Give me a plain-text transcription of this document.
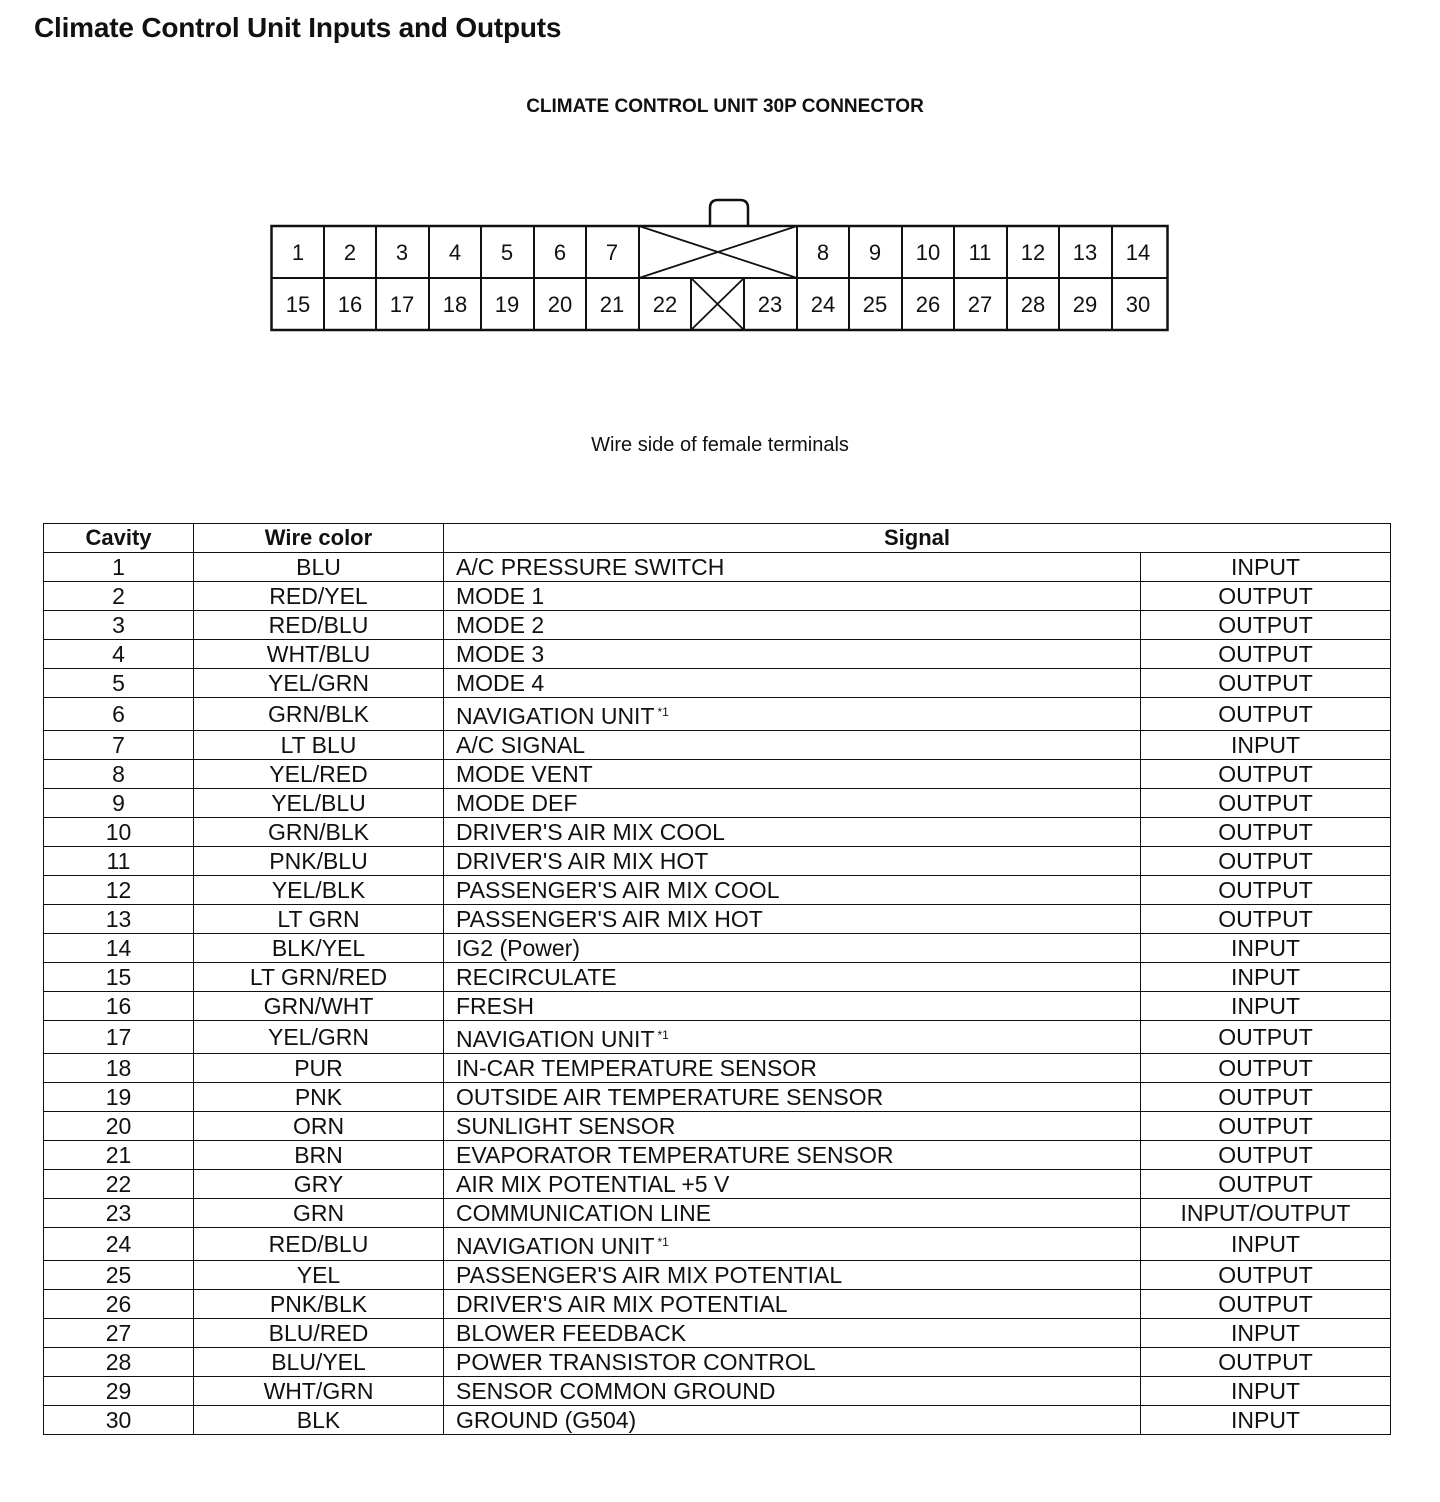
Climate Control Unit Inputs and Outputs
CLIMATE CONTROL UNIT 30P CONNECTOR
1	2	3	4	5	6	7	8	9	10	11	12	13	14
15	16	17	18	19	20	21	22	23	24	25	26	27	28	29	30
Wire side of female terminals
Cavity	Wire color	Signal	
1	BLU	A/C PRESSURE SWITCH	INPUT
2	RED/YEL	MODE 1	OUTPUT
3	RED/BLU	MODE 2	OUTPUT
4	WHT/BLU	MODE 3	OUTPUT
5	YEL/GRN	MODE 4	OUTPUT
6	GRN/BLK	NAVIGATION UNIT $^{*1}$	OUTPUT
7	LT BLU	A/C SIGNAL	INPUT
8	YEL/RED	MODE VENT	OUTPUT
9	YEL/BLU	MODE DEF	OUTPUT
10	GRN/BLK	DRIVER'S AIR MIX COOL	OUTPUT
11	PNK/BLU	DRIVER'S AIR MIX HOT	OUTPUT
12	YEL/BLK	PASSENGER'S AIR MIX COOL	OUTPUT
13	LT GRN	PASSENGER'S AIR MIX HOT	OUTPUT
14	BLK/YEL	IG2 (Power)	INPUT
15	LT GRN/RED	RECIRCULATE	INPUT
16	GRN/WHT	FRESH	INPUT
17	YEL/GRN	NAVIGATION UNIT $^{*1}$	OUTPUT
18	PUR	IN-CAR TEMPERATURE SENSOR	OUTPUT
19	PNK	OUTSIDE AIR TEMPERATURE SENSOR	OUTPUT
20	ORN	SUNLIGHT SENSOR	OUTPUT
21	BRN	EVAPORATOR TEMPERATURE SENSOR	OUTPUT
22	GRY	AIR MIX POTENTIAL +5 V	OUTPUT
23	GRN	COMMUNICATION LINE	INPUT/OUTPUT
24	RED/BLU	NAVIGATION UNIT $^{*1}$	INPUT
25	YEL	PASSENGER'S AIR MIX POTENTIAL	OUTPUT
26	PNK/BLK	DRIVER'S AIR MIX POTENTIAL	OUTPUT
27	BLU/RED	BLOWER FEEDBACK	INPUT
28	BLU/YEL	POWER TRANSISTOR CONTROL	OUTPUT
29	WHT/GRN	SENSOR COMMON GROUND	INPUT
30	BLK	GROUND (G504)	INPUT
